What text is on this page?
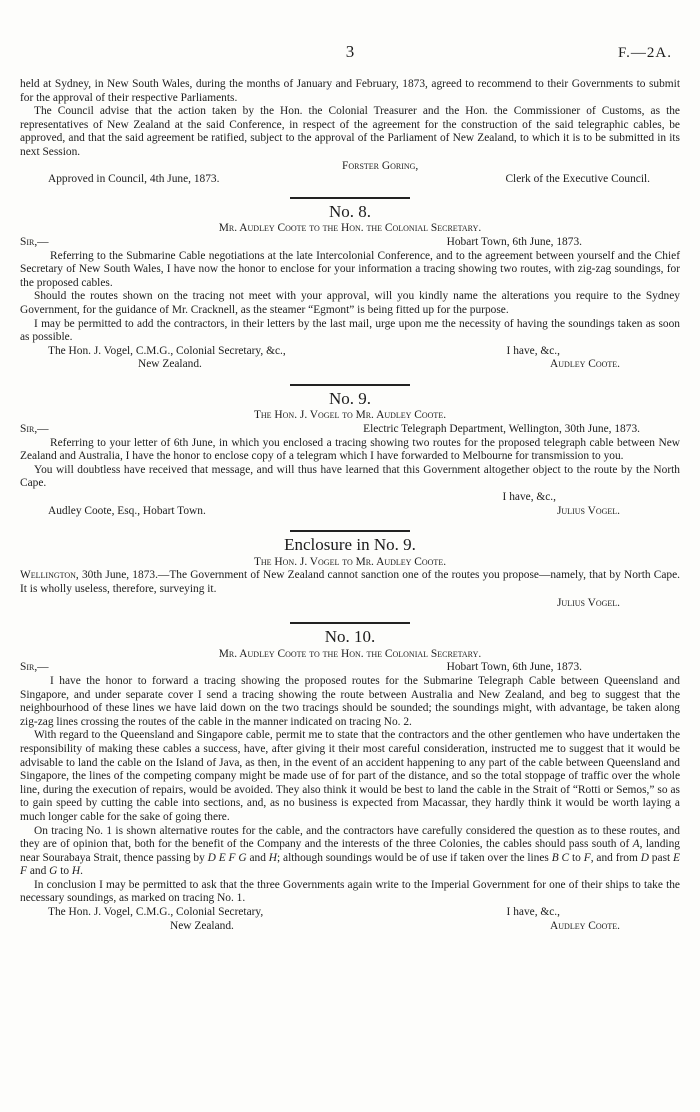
3	F.—2A.

held at Sydney, in New South Wales, during the months of January and February, 1873, agreed to recommend to their Governments to submit for the approval of their respective Parliaments.

The Council advise that the action taken by the Hon. the Colonial Treasurer and the Hon. the Commissioner of Customs, as the representatives of New Zealand at the said Conference, in respect of the agreement for the construction of the said telegraphic cables, be approved, and that the said agreement be ratified, subject to the approval of the Parliament of New Zealand, to which it is to be submitted in its next Session.

Forster Goring,
Approved in Council, 4th June, 1873.	Clerk of the Executive Council.
No. 8.
Mr. Audley Coote to the Hon. the Colonial Secretary.
Sir,—	Hobart Town, 6th June, 1873.

Referring to the Submarine Cable negotiations at the late Intercolonial Conference, and to the agreement between yourself and the Chief Secretary of New South Wales, I have now the honor to enclose for your information a tracing showing two routes, with zig-zag soundings, for the proposed cables.

Should the routes shown on the tracing not meet with your approval, will you kindly name the alterations you require to the Sydney Government, for the guidance of Mr. Cracknell, as the steamer “Egmont” is being fitted up for the purpose.

I may be permitted to add the contractors, in their letters by the last mail, urge upon me the necessity of having the soundings taken as soon as possible.

The Hon. J. Vogel, C.M.G., Colonial Secretary, &c.,	I have, &c.,
New Zealand.	Audley Coote.
No. 9.
The Hon. J. Vogel to Mr. Audley Coote.
Sir,—	Electric Telegraph Department, Wellington, 30th June, 1873.

Referring to your letter of 6th June, in which you enclosed a tracing showing two routes for the proposed telegraph cable between New Zealand and Australia, I have the honor to enclose copy of a telegram which I have forwarded to Melbourne for transmission to you.

You will doubtless have received that message, and will thus have learned that this Government altogether object to the route by the North Cape.

I have, &c.,
Audley Coote, Esq., Hobart Town.	Julius Vogel.
Enclosure in No. 9.
The Hon. J. Vogel to Mr. Audley Coote.

Wellington, 30th June, 1873.—The Government of New Zealand cannot sanction one of the routes you propose—namely, that by North Cape. It is wholly useless, therefore, surveying it.

Julius Vogel.
No. 10.
Mr. Audley Coote to the Hon. the Colonial Secretary.
Sir,—	Hobart Town, 6th June, 1873.

I have the honor to forward a tracing showing the proposed routes for the Submarine Telegraph Cable between Queensland and Singapore, and under separate cover I send a tracing showing the route between Australia and New Zealand, and beg to suggest that the neighbourhood of these lines we have laid down on the two tracings should be sounded; the soundings might, with advantage, be taken along zig-zag lines crossing the routes of the cable in the manner indicated on tracing No. 2.

With regard to the Queensland and Singapore cable, permit me to state that the contractors and the other gentlemen who have undertaken the responsibility of making these cables a success, have, after giving it their most careful consideration, instructed me to suggest that it would be advisable to land the cable on the Island of Java, as then, in the event of an accident happening to any part of the cable between Queensland and Singapore, the lines of the competing company might be made use of for part of the distance, and so the total stoppage of traffic over the whole line, during the execution of repairs, would be avoided. They also think it would be best to land the cable in the Strait of “Rotti or Semos,” so as to gain speed by cutting the cable into sections, and, as no business is expected from Macassar, they hardly think it would be worth laying a much longer cable for the sake of going there.

On tracing No. 1 is shown alternative routes for the cable, and the contractors have carefully considered the question as to these routes, and they are of opinion that, both for the benefit of the Company and the interests of the three Colonies, the cables should pass south of A, landing near Sourabaya Strait, thence passing by D E F G and H; although soundings would be of use if taken over the lines B C to F, and from D past E F and G to H.

In conclusion I may be permitted to ask that the three Governments again write to the Imperial Government for one of their ships to take the necessary soundings, as marked on tracing No. 1.

The Hon. J. Vogel, C.M.G., Colonial Secretary,	I have, &c.,
New Zealand.	Audley Coote.
